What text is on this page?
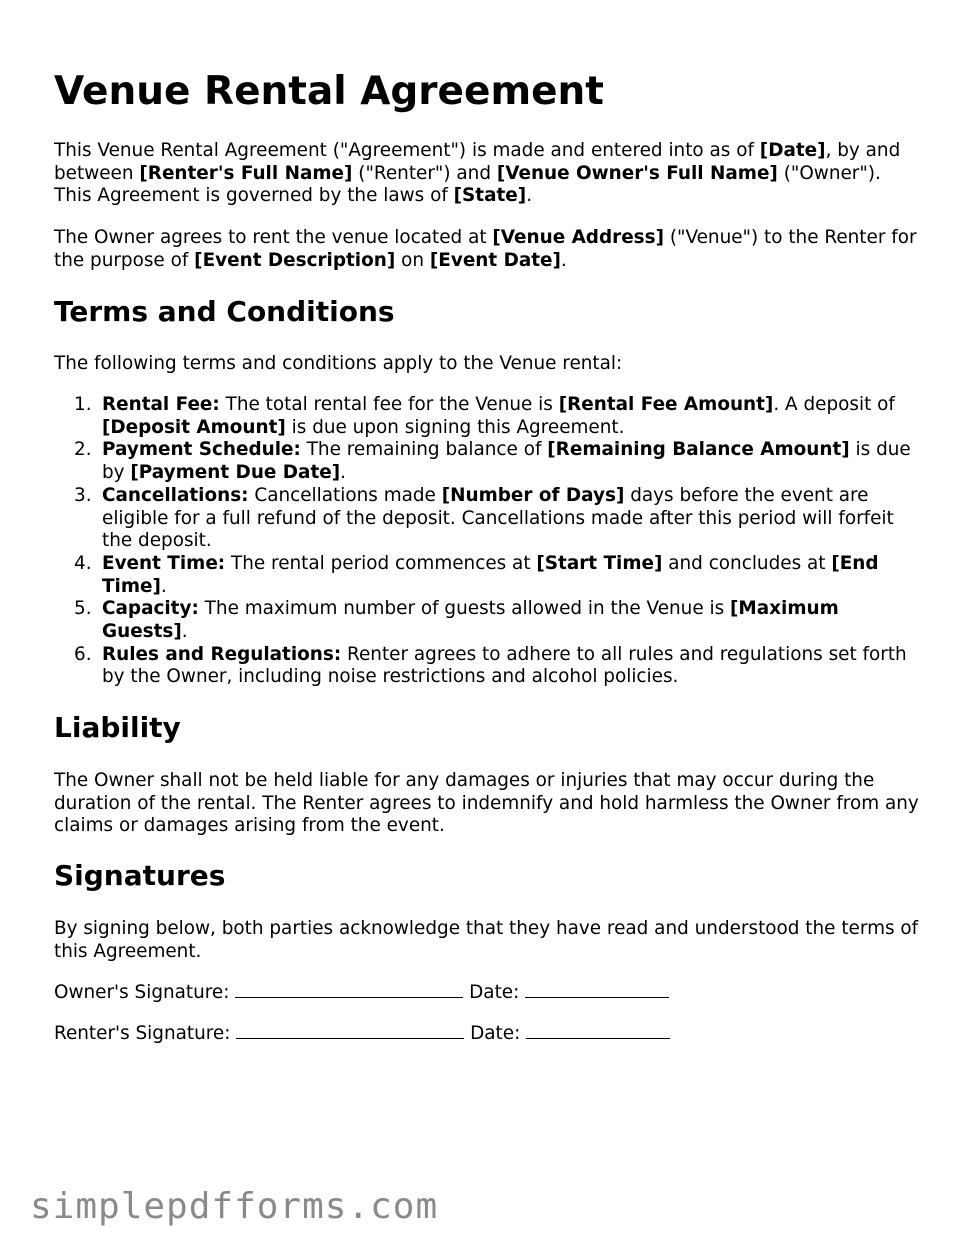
Venue Rental Agreement

This Venue Rental Agreement ("Agreement") is made and entered into as of [Date], by and between [Renter's Full Name] ("Renter") and [Venue Owner's Full Name] ("Owner"). This Agreement is governed by the laws of [State].

The Owner agrees to rent the venue located at [Venue Address] ("Venue") to the Renter for the purpose of [Event Description] on [Event Date].

Terms and Conditions

The following terms and conditions apply to the Venue rental:

1. Rental Fee: The total rental fee for the Venue is [Rental Fee Amount]. A deposit of [Deposit Amount] is due upon signing this Agreement.
2. Payment Schedule: The remaining balance of [Remaining Balance Amount] is due by [Payment Due Date].
3. Cancellations: Cancellations made [Number of Days] days before the event are eligible for a full refund of the deposit. Cancellations made after this period will forfeit the deposit.
4. Event Time: The rental period commences at [Start Time] and concludes at [End Time].
5. Capacity: The maximum number of guests allowed in the Venue is [Maximum Guests].
6. Rules and Regulations: Renter agrees to adhere to all rules and regulations set forth by the Owner, including noise restrictions and alcohol policies.
Liability

The Owner shall not be held liable for any damages or injuries that may occur during the duration of the rental. The Renter agrees to indemnify and hold harmless the Owner from any claims or damages arising from the event.

Signatures

By signing below, both parties acknowledge that they have read and understood the terms of this Agreement.

Owner's Signature:	Date:

Renter's Signature:	Date:

simplepdfforms.com
